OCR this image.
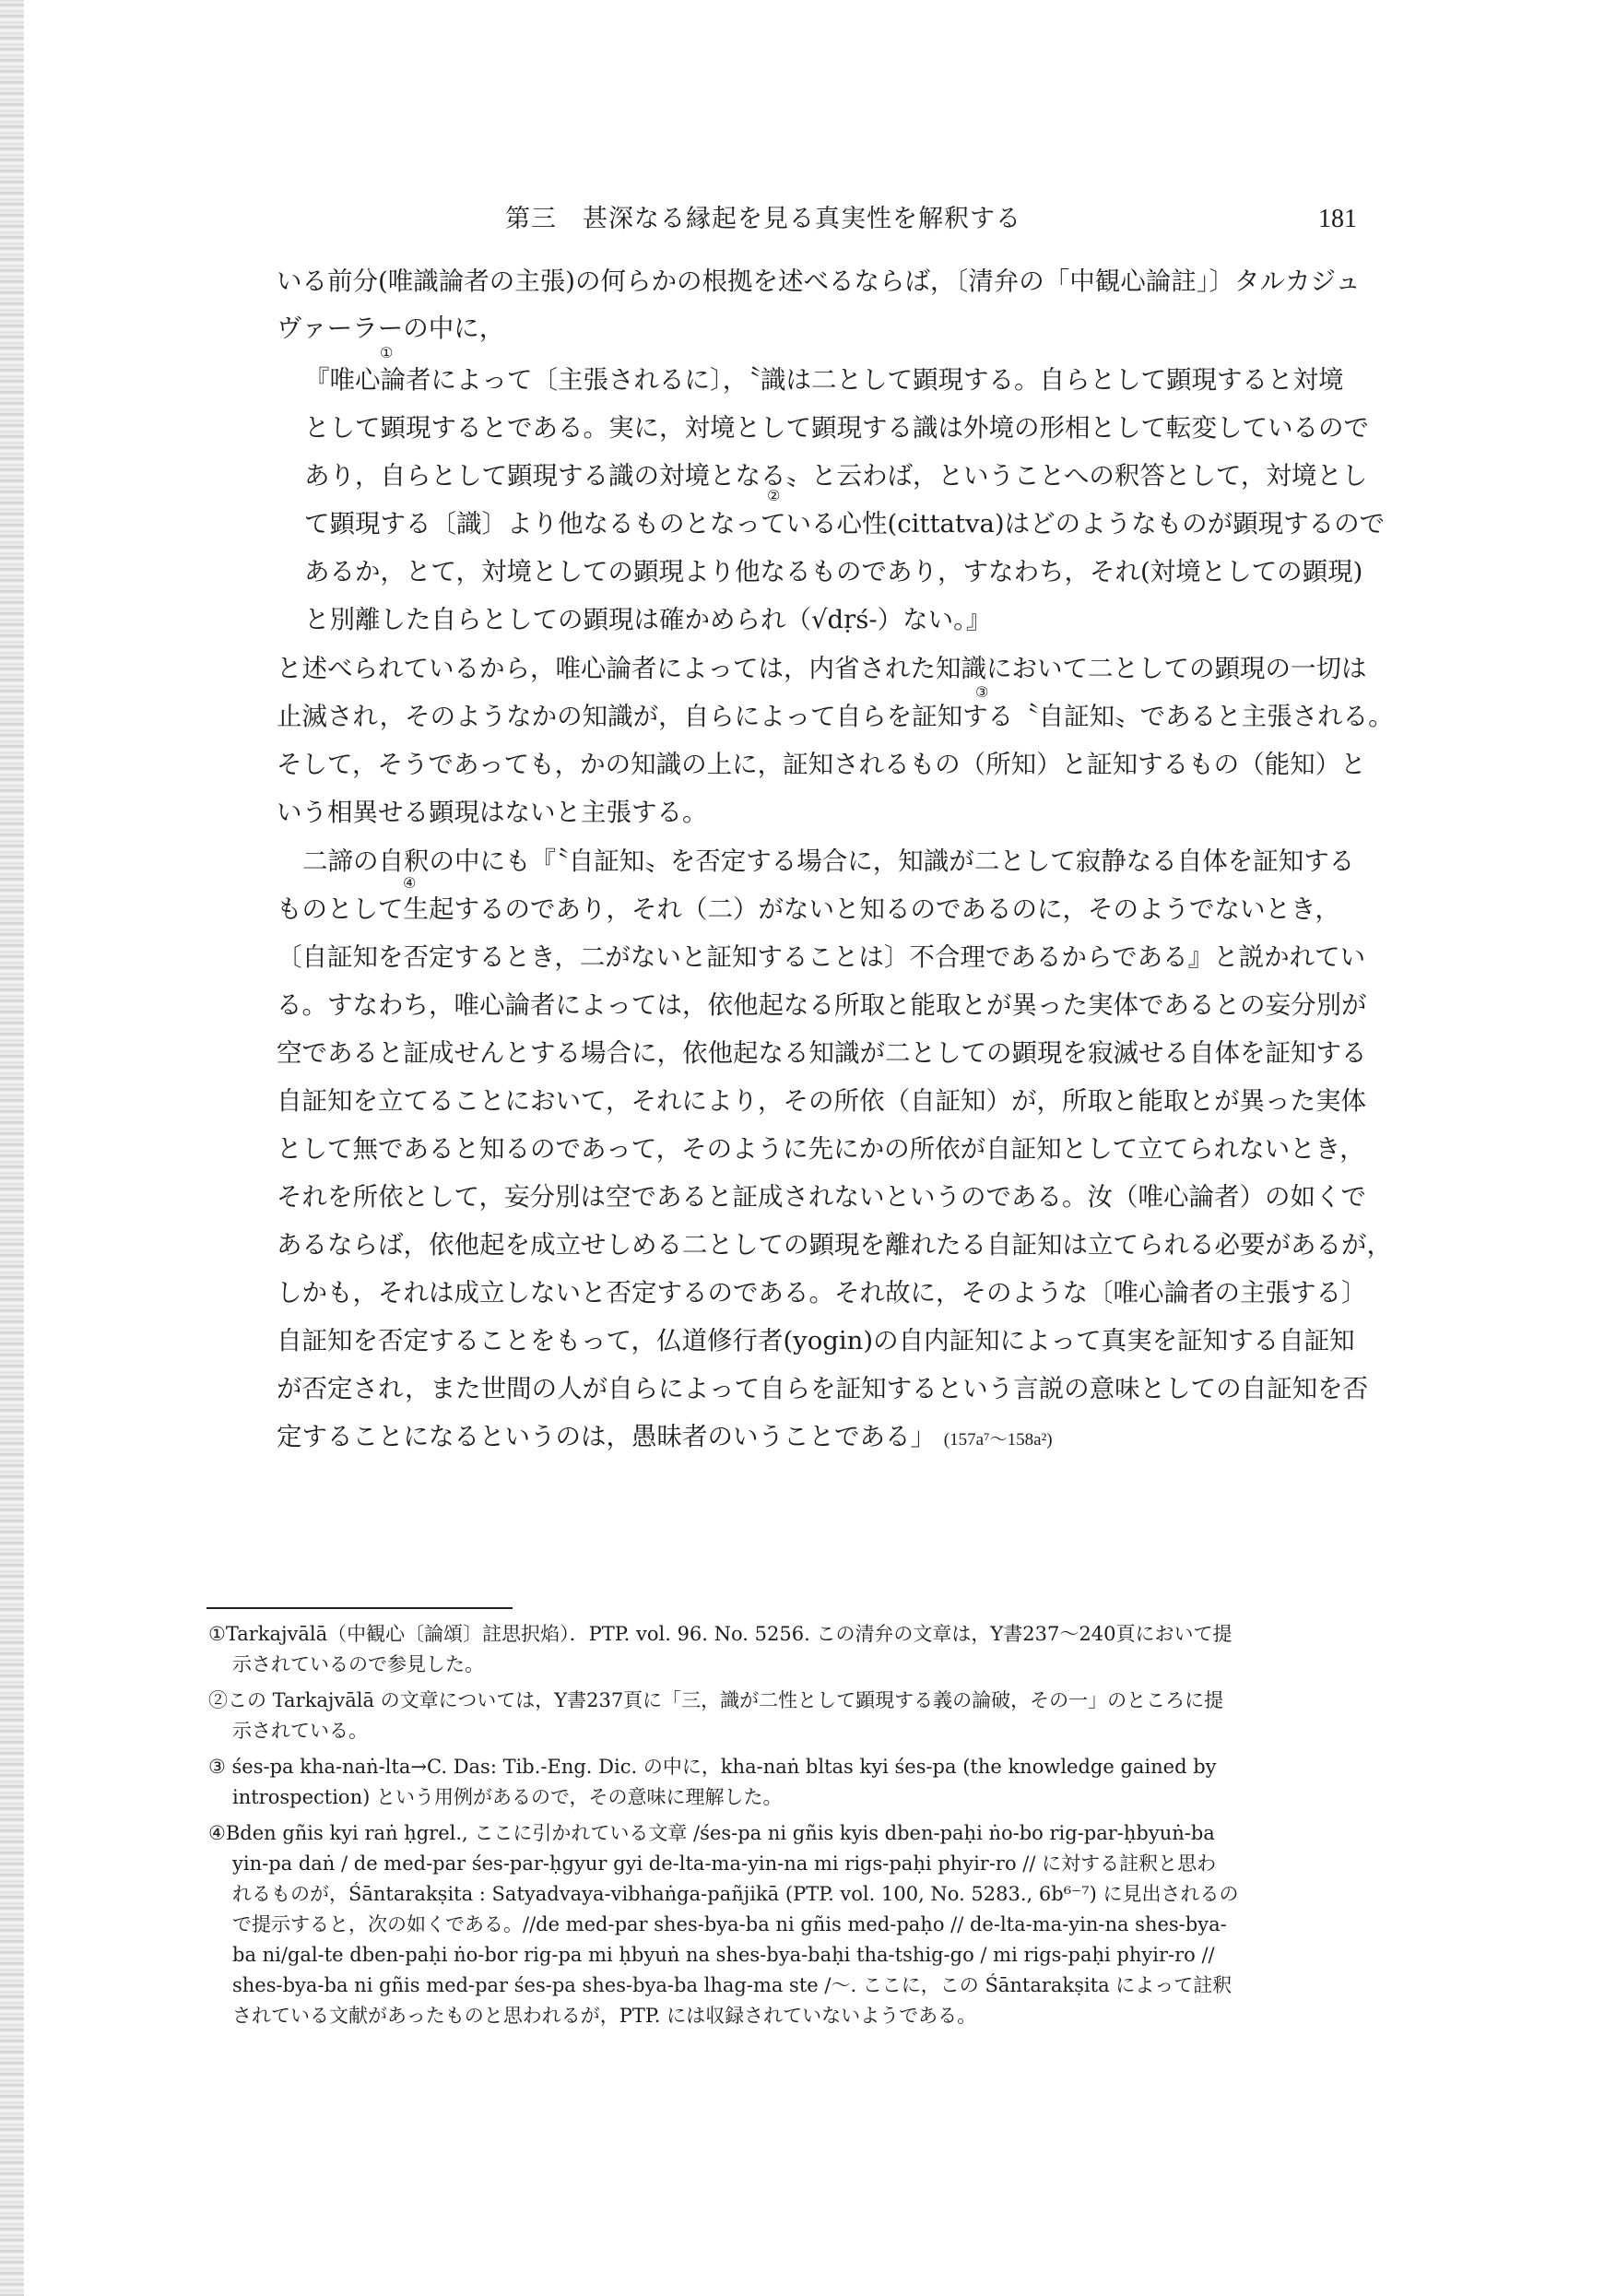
第三　甚深なる縁起を見る真実性を解釈する	181
いる前分(唯識論者の主張)の何らかの根拠を述べるならば，〔清弁の「中観心論註」〕タルカジュ
ヴァーラーの中に，
『唯心論者によって〔主張されるに〕，〝識は二として顕現する。自らとして顕現すると対境
として顕現するとである。実に，対境として顕現する識は外境の形相として転変しているので
あり，自らとして顕現する識の対境となる〟と云わば，ということへの釈答として，対境とし
て顕現する〔識〕より他なるものとなっている心性(cittatva)はどのようなものが顕現するので
あるか，とて，対境としての顕現より他なるものであり，すなわち，それ(対境としての顕現)
と別離した自らとしての顕現は確かめられ（√dṛś-）ない。』
と述べられているから，唯心論者によっては，内省された知識において二としての顕現の一切は
止滅され，そのようなかの知識が，自らによって自らを証知する〝自証知〟であると主張される。
そして，そうであっても，かの知識の上に，証知されるもの（所知）と証知するもの（能知）と
いう相異せる顕現はないと主張する。
二諦の自釈の中にも『〝自証知〟を否定する場合に，知識が二として寂静なる自体を証知する
ものとして生起するのであり，それ（二）がないと知るのであるのに，そのようでないとき，
〔自証知を否定するとき，二がないと証知することは〕不合理であるからである』と説かれてい
る。すなわち，唯心論者によっては，依他起なる所取と能取とが異った実体であるとの妄分別が
空であると証成せんとする場合に，依他起なる知識が二としての顕現を寂滅せる自体を証知する
自証知を立てることにおいて，それにより，その所依（自証知）が，所取と能取とが異った実体
として無であると知るのであって，そのように先にかの所依が自証知として立てられないとき，
それを所依として，妄分別は空であると証成されないというのである。汝（唯心論者）の如くで
あるならば，依他起を成立せしめる二としての顕現を離れたる自証知は立てられる必要があるが，
しかも，それは成立しないと否定するのである。それ故に，そのような〔唯心論者の主張する〕
自証知を否定することをもって，仏道修行者(yogin)の自内証知によって真実を証知する自証知
が否定され，また世間の人が自らによって自らを証知するという言説の意味としての自証知を否
定することになるというのは，愚昧者のいうことである」 (157a⁷〜158a²)
①
②
③
④
①Tarkajvālā（中観心〔論頌〕註思択焰）．PTP. vol. 96. No. 5256. この清弁の文章は，Y書237〜240頁において提
示されているので参見した。
②この Tarkajvālā の文章については，Y書237頁に「三，識が二性として顕現する義の論破，その一」のところに提
示されている。
③ śes-pa kha-naṅ-lta→C. Das: Tib.-Eng. Dic. の中に，kha-naṅ bltas kyi śes-pa (the knowledge gained by
introspection) という用例があるので，その意味に理解した。
④Bden gñis kyi raṅ ḥgrel., ここに引かれている文章 /śes-pa ni gñis kyis dben-paḥi ṅo-bo rig-par-ḥbyuṅ-ba
yin-pa daṅ / de med-par śes-par-ḥgyur gyi de-lta-ma-yin-na mi rigs-paḥi phyir-ro // に対する註釈と思わ
れるものが，Śāntarakṣita : Satyadvaya-vibhaṅga-pañjikā (PTP. vol. 100, No. 5283., 6b⁶⁻⁷) に見出されるの
で提示すると，次の如くである。//de med-par shes-bya-ba ni gñis med-paḥo // de-lta-ma-yin-na shes-bya-
ba ni/gal-te dben-paḥi ṅo-bor rig-pa mi ḥbyuṅ na shes-bya-baḥi tha-tshig-go / mi rigs-paḥi phyir-ro //
shes-bya-ba ni gñis med-par śes-pa shes-bya-ba lhag-ma ste /〜. ここに，この Śāntarakṣita によって註釈
されている文献があったものと思われるが，PTP. には収録されていないようである。
